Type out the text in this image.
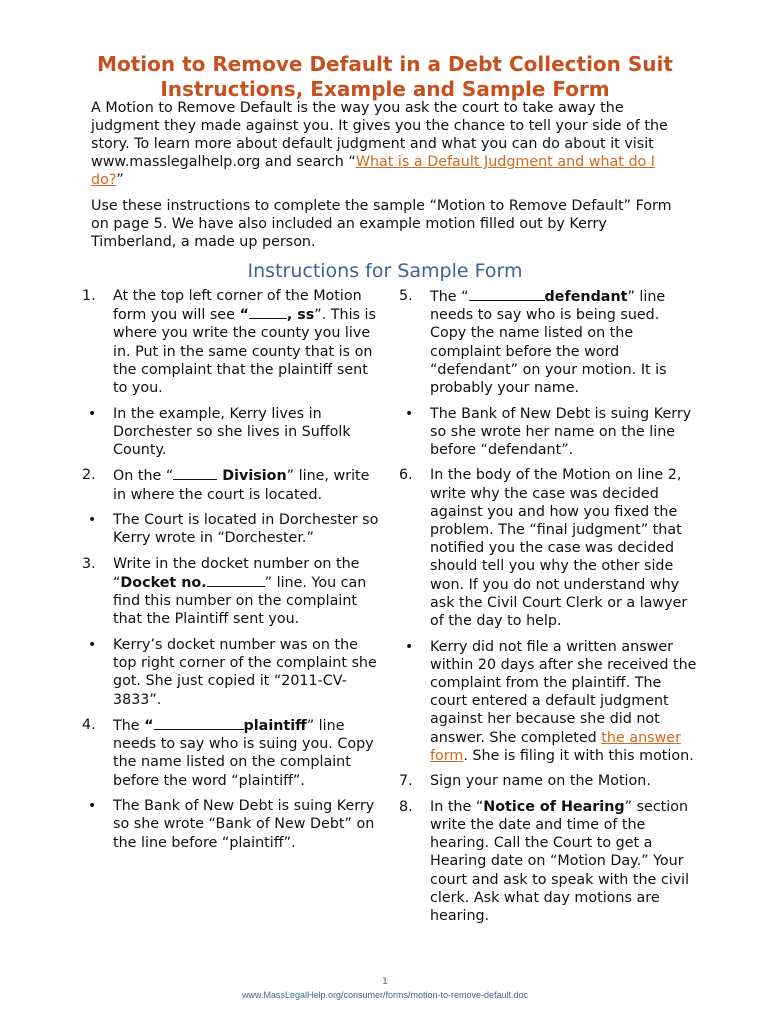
Motion to Remove Default in a Debt Collection Suit
Instructions, Example and Sample Form

A Motion to Remove Default is the way you ask the court to take away the judgment they made against you. It gives you the chance to tell your side of the story. To learn more about default judgment and what you can do about it visit www.masslegalhelp.org and search “What is a Default Judgment and what do I do?”

Use these instructions to complete the sample “Motion to Remove Default” Form on page 5. We have also included an example motion filled out by Kerry Timberland, a made up person.

Instructions for Sample Form
1. At the top left corner of the Motion form you will see “	, ss”. This is where you write the county you live in. Put in the same county that is on the complaint that the plaintiff sent to you.
• In the example, Kerry lives in Dorchester so she lives in Suffolk County.
2. On the “	Division” line, write in where the court is located.
• The Court is located in Dorchester so Kerry wrote in “Dorchester.”
3. Write in the docket number on the “Docket no.	” line. You can find this number on the complaint that the Plaintiff sent you.
• Kerry’s docket number was on the top right corner of the complaint she got. She just copied it “2011-CV-3833”.
4. The “	plaintiff” line needs to say who is suing you. Copy the name listed on the complaint before the word “plaintiff”.
• The Bank of New Debt is suing Kerry so she wrote “Bank of New Debt” on the line before “plaintiff”.
5. The “	defendant” line needs to say who is being sued. Copy the name listed on the complaint before the word “defendant” on your motion. It is probably your name.
• The Bank of New Debt is suing Kerry so she wrote her name on the line before “defendant”.
6. In the body of the Motion on line 2, write why the case was decided against you and how you fixed the problem. The “final judgment” that notified you the case was decided should tell you why the other side won. If you do not understand why ask the Civil Court Clerk or a lawyer of the day to help.
• Kerry did not file a written answer within 20 days after she received the complaint from the plaintiff. The court entered a default judgment against her because she did not answer. She completed the answer form. She is filing it with this motion.
7. Sign your name on the Motion.
8. In the “Notice of Hearing” section write the date and time of the hearing. Call the Court to get a Hearing date on “Motion Day.” Your court and ask to speak with the civil clerk. Ask what day motions are hearing.
1
www.MassLegalHelp.org/consumer/forms/motion-to-remove-default.doc
